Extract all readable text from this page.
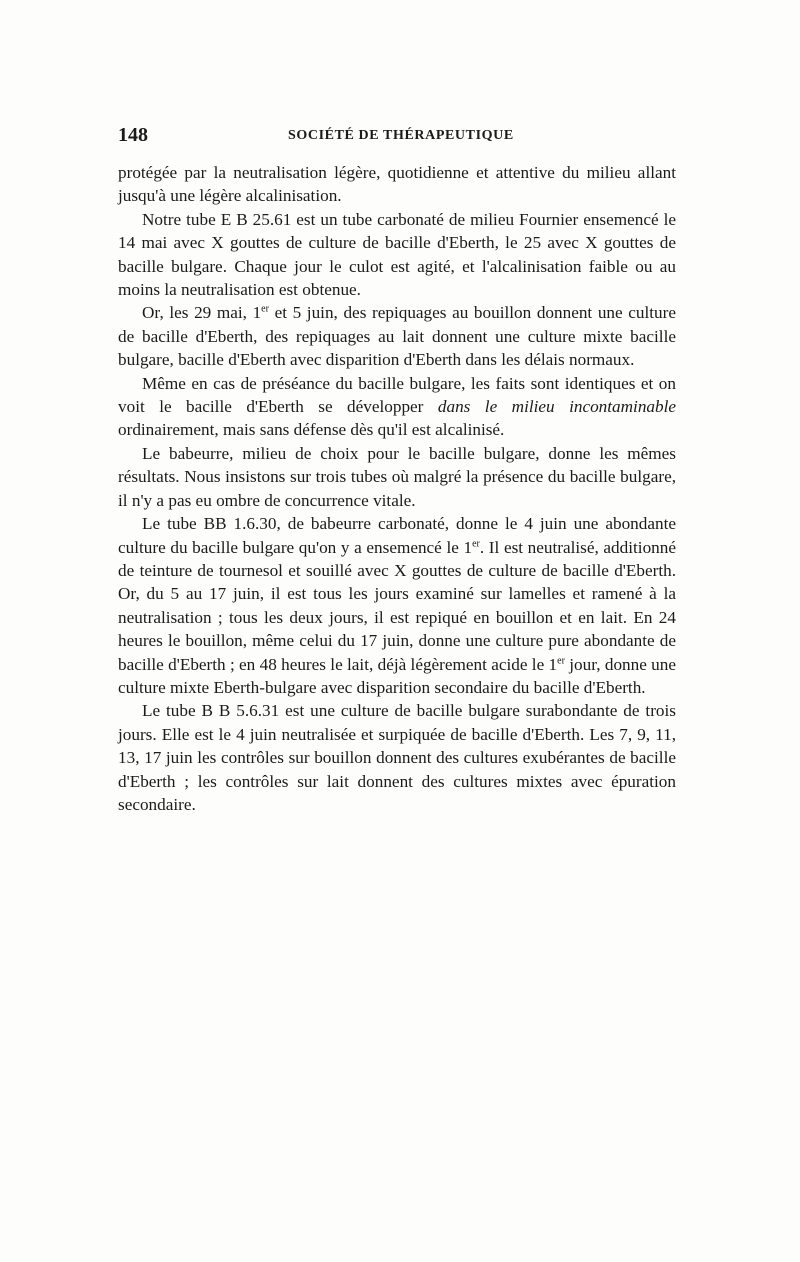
148	SOCIÉTÉ DE THÉRAPEUTIQUE

protégée par la neutralisation légère, quotidienne et attentive du milieu allant jusqu'à une légère alcalinisation.

Notre tube E B 25.61 est un tube carbonaté de milieu Fournier ensemencé le 14 mai avec X gouttes de culture de bacille d'Eberth, le 25 avec X gouttes de bacille bulgare. Chaque jour le culot est agité, et l'alcalinisation faible ou au moins la neutralisation est obtenue.

Or, les 29 mai, 1er et 5 juin, des repiquages au bouillon donnent une culture de bacille d'Eberth, des repiquages au lait donnent une culture mixte bacille bulgare, bacille d'Eberth avec disparition d'Eberth dans les délais normaux.

Même en cas de préséance du bacille bulgare, les faits sont identiques et on voit le bacille d'Eberth se développer dans le milieu incontaminable ordinairement, mais sans défense dès qu'il est alcalinisé.

Le babeurre, milieu de choix pour le bacille bulgare, donne les mêmes résultats. Nous insistons sur trois tubes où malgré la présence du bacille bulgare, il n'y a pas eu ombre de concurrence vitale.

Le tube BB 1.6.30, de babeurre carbonaté, donne le 4 juin une abondante culture du bacille bulgare qu'on y a ensemencé le 1er. Il est neutralisé, additionné de teinture de tournesol et souillé avec X gouttes de culture de bacille d'Eberth. Or, du 5 au 17 juin, il est tous les jours examiné sur lamelles et ramené à la neutralisation ; tous les deux jours, il est repiqué en bouillon et en lait. En 24 heures le bouillon, même celui du 17 juin, donne une culture pure abondante de bacille d'Eberth ; en 48 heures le lait, déjà légèrement acide le 1er jour, donne une culture mixte Eberth-bulgare avec disparition secondaire du bacille d'Eberth.

Le tube B B 5.6.31 est une culture de bacille bulgare surabondante de trois jours. Elle est le 4 juin neutralisée et surpiquée de bacille d'Eberth. Les 7, 9, 11, 13, 17 juin les contrôles sur bouillon donnent des cultures exubérantes de bacille d'Eberth ; les contrôles sur lait donnent des cultures mixtes avec épuration secondaire.
